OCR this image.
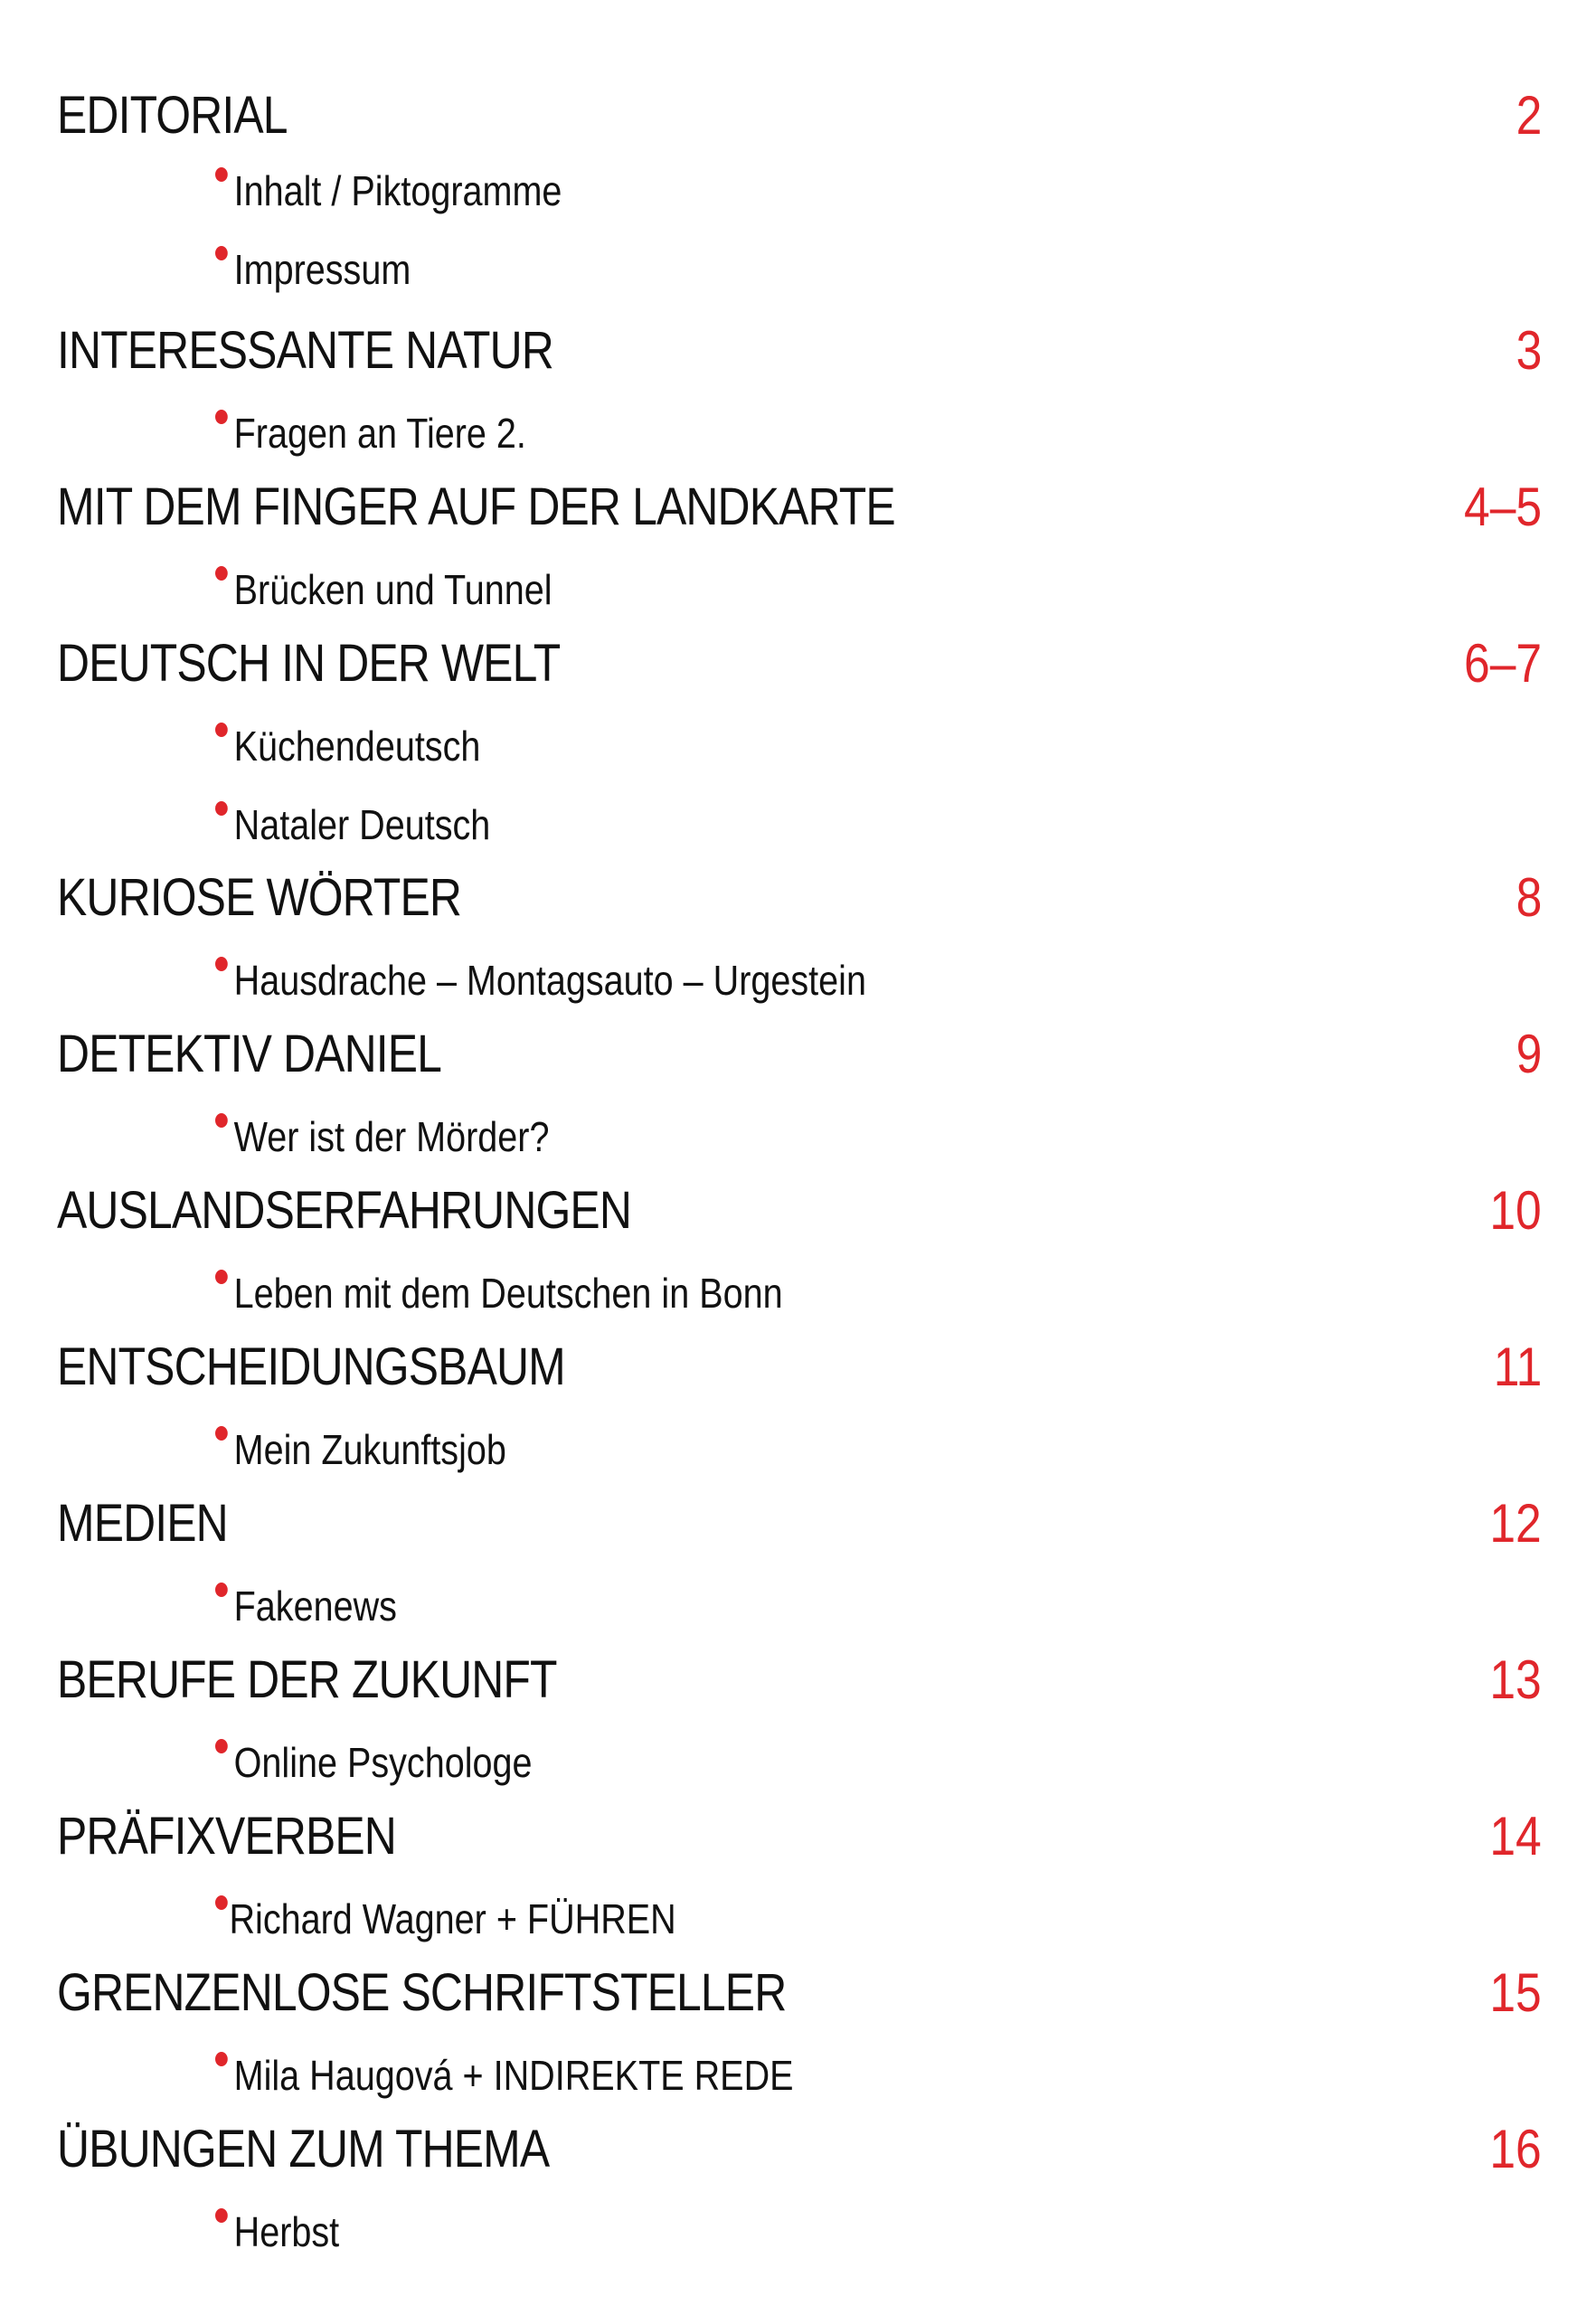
EDITORIAL	2
Inhalt / Piktogramme
Impressum
INTERESSANTE NATUR	3
Fragen an Tiere 2.
MIT DEM FINGER AUF DER LANDKARTE	4–5
Brücken und Tunnel
DEUTSCH IN DER WELT	6–7
Küchendeutsch
Nataler Deutsch
KURIOSE WÖRTER	8
Hausdrache – Montagsauto – Urgestein
DETEKTIV DANIEL	9
Wer ist der Mörder?
AUSLANDSERFAHRUNGEN	10
Leben mit dem Deutschen in Bonn
ENTSCHEIDUNGSBAUM	11
Mein Zukunftsjob
MEDIEN	12
Fakenews
BERUFE DER ZUKUNFT	13
Online Psychologe
PRÄFIXVERBEN	14
Richard Wagner + FÜHREN
GRENZENLOSE SCHRIFTSTELLER	15
Mila Haugová + INDIREKTE REDE
ÜBUNGEN ZUM THEMA	16
Herbst
